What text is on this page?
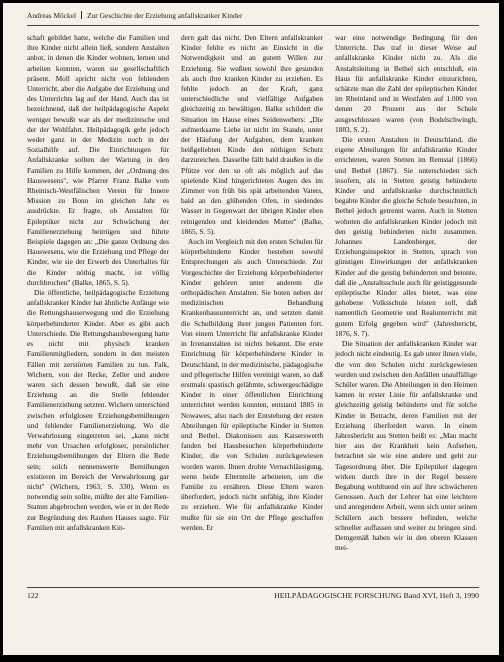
Andreas Möckel Zur Geschichte der Erziehung anfallskranker Kinder

schaft gebildet hatte, welche die Familien und ihre Kinder nicht allein ließ, sondern Anstalten anbot, in denen die Kinder wohnen, lernen und arbeiten konnten, waren sie gesellschaftlich präsent. Moll spricht nicht von fehlendem Unterricht, aber die Aufgabe der Erziehung und des Unterrichts lag auf der Hand. Auch das ist bezeichnend, daß der heilpädagogische Aspekt weniger bewußt war als der medizinische und der der Wohlfahrt. Heilpädagogik geht jedoch weder ganz in der Medizin noch in der Sozialhilfe auf. Die Einrichtungen für Anfallskranke sollten der Wartung in den Familien zu Hilfe kommen, der „Ordnung des Hauswesens", wie Pfarrer Franz Balke vom Rheinisch-Westfälischen Verein für Innere Mission zu Bonn im gleichen Jahr es ausdrückte. Er fragte, ob Anstalten für Epileptiker nicht zur Schwächung der Familienerziehung beitrügen und führte Beispiele dagegen an: „Die ganze Ordnung des Hauswesens, wie die Erziehung und Pflege der Kinder, wie sie der Erwerb des Unterhaltes für die Kinder nöthig macht, ist völlig durchbrochen" (Balke, 1865, S. 5).

Die öffentliche, heilpädagogische Erziehung anfallskranker Kinder hat ähnliche Anfänge wie die Rettungshauserwegung und die Erziehung körperbehinderter Kinder. Aber es gibt auch Unterschiede. Die Rettungshausbewegung hatte es nicht mit physisch kranken Familienmitgliedern, sondern in den meisten Fällen mit zerstörten Familien zu tun. Falk, Wichern, von der Recke, Zeller und andere waren sich dessen bewußt, daß sie eine Erziehung an die Stelle fehlender Familienerziehung setzten. Wichern unterschied zwischen erfolglosen Erziehungsbemühungen und fehlender Familienerziehung. Wo die Verwahrlosung eingetreten sei, „kann nicht mehr von Ursachen erfolgloser, persönlicher Erziehungsbemühungen der Eltern die Rede sein; solch nennenswerte Bemühungen existieren im Bereich der Verwahrlosung gar nicht" (Wichern, 1963, S. 330). Wenn es notwendig sein sollte, müßte der alte Familien-Stamm abgebrochen werden, wie er in der Rede zur Begründung des Rauhen Hauses sagte. Für Familien mit anfallskranken Kin-

dern galt das nicht. Den Eltern anfallskranker Kinder fehlte es nicht an Einsicht in die Notwendigkeit und an gutem Willen zur Erziehung. Sie wußten sowohl ihre gesunden als auch ihre kranken Kinder zu erziehen. Es fehlte jedoch an der Kraft, ganz unterschiedliche und vielfältige Aufgaben gleichzeitig zu bewältigen. Balke schildert die Situation im Hause eines Seidenwebers: „Die aufmerksame Liebe ist nicht im Stande, unter der Häufung der Aufgaben, dem kranken heißgeliebten Kinde den nöthigen Schutz darzureichen. Dasselbe fällt bald draußen in die Pfütze vor den so oft als möglich auf das spielende Kind hingerichteten Augen des im Zimmer von früh bis spät arbeitenden Vaters, bald an den glühenden Ofen, in siedendes Wasser in Gegenwart der übrigen Kinder eben reinigenden und kleidenden Mutter" (Balke, 1865, S. 5).

Auch im Vergleich mit den ersten Schulen für körperbehinderte Kinder bestehen sowohl Entsprechungen als auch Unterschiede. Zur Vorgeschichte der Erziehung körperbehinderter Kinder gehören unter anderem die orthopädischen Anstalten. Sie boten neben der medizinischen Behandlung Krankenhausunterricht an, und setzten damit die Schulbildung ihrer jungen Patienten fort. Von einem Unterricht für anfallskranke Kinder in Irrenanstalten ist nichts bekannt. Die erste Einrichtung für körperbehinderte Kinder in Deutschland, in der medizinische, pädagogische und pflegerische Hilfen vereinigt waren, so daß erstmals spastisch gelähmte, schwergeschädigte Kinder in einer öffentlichen Einrichtung unterrichtet werden konnten, entstand 1885 in Nowawes, also nach der Entstehung der ersten Abteilungen für epileptische Kinder in Stetten und Bethel. Diakonissen aus Kaiserswerth fanden bei Hausbesuchen körperbehinderte Kinder, die von Schulen zurückgewiesen worden waren. Ihnen drohte Vernachlässigung, wenn beide Elternteile arbeiteten, um die Familie zu ernähren. Diese Eltern waren überfordert, jedoch nicht unfähig, ihre Kinder zu erziehen. Wie für anfallskranke Kinder mußte für sie ein Ort der Pflege geschaffen werden. Er

war eine notwendige Bedingung für den Unterricht. Das traf in dieser Weise auf anfallskranke Kinder nicht zu. Als die Anstaltsleitung in Bethel sich entschloß, ein Haus für anfallskranke Kinder einzurichten, schätzte man die Zahl der epileptischen Kinder im Rheinland und in Westfalen auf 1.000 von denen 20 Prozent aus der Schule ausgeschlossen waren (von Bodelschwingh, 1883, S. 2).

Die ersten Anstalten in Deutschland, die eigene Abteilungen für anfallskranke Kinder errichteten, waren Stetten im Remstal (1866) und Bethel (1867). Sie unterschieden sich insofern, als in Stetten geistig behinderte Kinder und anfallskranke durchschnittlich begabte Kinder die gleiche Schule besuchten, in Bethel jedoch getrennt waren. Auch in Stetten wohnten die anfallskranken Kinder jedoch mit den geistig behinderten nicht zusammen. Johannes Landenberger, der Erziehungsinspektor in Stetten, sprach von günstigen Einwirkungen der anfallskranken Kinder auf die geistig behinderten und betonte, daß die „Anstaltsschule auch für geistiggesunde epileptische Kinder alles bietet, was eine gehobene Volksschule leisten soll, daß namentlich Geometrie und Realunterricht mit gutem Erfolg gegeben wird" (Jahresbericht, 1876, S. 7).

Die Situation der anfallskranken Kinder war jedoch nicht eindeutig. Es gab unter ihnen viele, die von den Schulen nicht zurückgewiesen wurden und zwischen den Anfällen unauffällige Schüler waren. Die Abteilungen in den Heimen kamen in erster Linie für anfallskranke und gleichzeitig geistig behinderte und für solche Kinder in Betracht, deren Familien mit der Erziehung überfordert waren. In einem Jahresbericht aus Stetten heißt es: „Man macht hier aus der Krankheit kein Aufsehen, betrachtet sie wie eine andere und geht zur Tagesordnung über. Die Epileptiker dagegen wirken durch ihre in der Regel bessere Begabung wohltuend ein auf ihre schwächeren Genossen. Auch der Lehrer hat eine leichtere und anregendere Arbeit, wenn sich unter seinen Schülern auch bessere befinden, welche schneller auffassen und weiter zu bringen sind. Demgemäß haben wir in den oberen Klassen mei-

122	HEILPÄDAGOGISCHE FORSCHUNG Band XVI, Heft 3, 1990
